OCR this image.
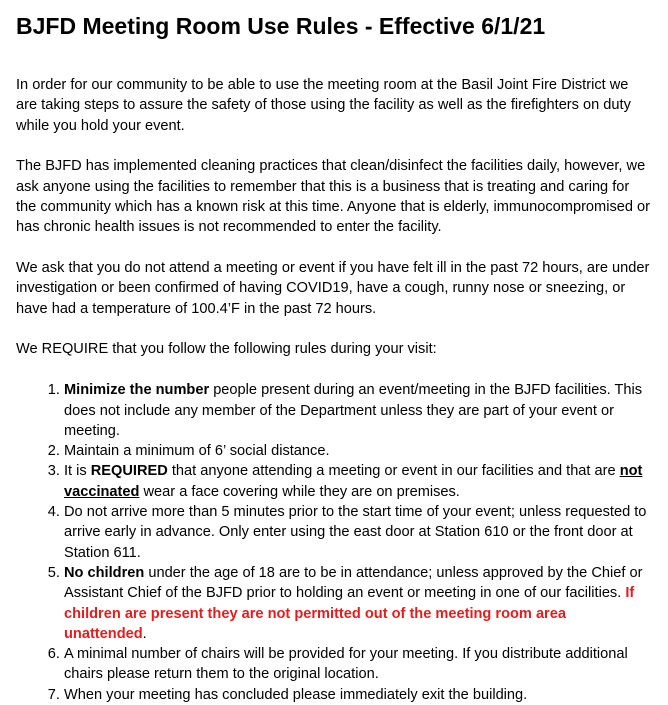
BJFD Meeting Room Use Rules - Effective 6/1/21

In order for our community to be able to use the meeting room at the Basil Joint Fire District we are taking steps to assure the safety of those using the facility as well as the firefighters on duty while you hold your event.

The BJFD has implemented cleaning practices that clean/disinfect the facilities daily, however, we ask anyone using the facilities to remember that this is a business that is treating and caring for the community which has a known risk at this time. Anyone that is elderly, immunocompromised or has chronic health issues is not recommended to enter the facility.

We ask that you do not attend a meeting or event if you have felt ill in the past 72 hours, are under investigation or been confirmed of having COVID19, have a cough, runny nose or sneezing, or have had a temperature of 100.4’F in the past 72 hours.

We REQUIRE that you follow the following rules during your visit:

1. Minimize the number people present during an event/meeting in the BJFD facilities. This does not include any member of the Department unless they are part of your event or meeting.
2. Maintain a minimum of 6’ social distance.
3. It is REQUIRED that anyone attending a meeting or event in our facilities and that are not vaccinated wear a face covering while they are on premises.
4. Do not arrive more than 5 minutes prior to the start time of your event; unless requested to arrive early in advance. Only enter using the east door at Station 610 or the front door at Station 611.
5. No children under the age of 18 are to be in attendance; unless approved by the Chief or Assistant Chief of the BJFD prior to holding an event or meeting in one of our facilities. If children are present they are not permitted out of the meeting room area unattended.
6. A minimal number of chairs will be provided for your meeting. If you distribute additional chairs please return them to the original location.
7. When your meeting has concluded please immediately exit the building.
